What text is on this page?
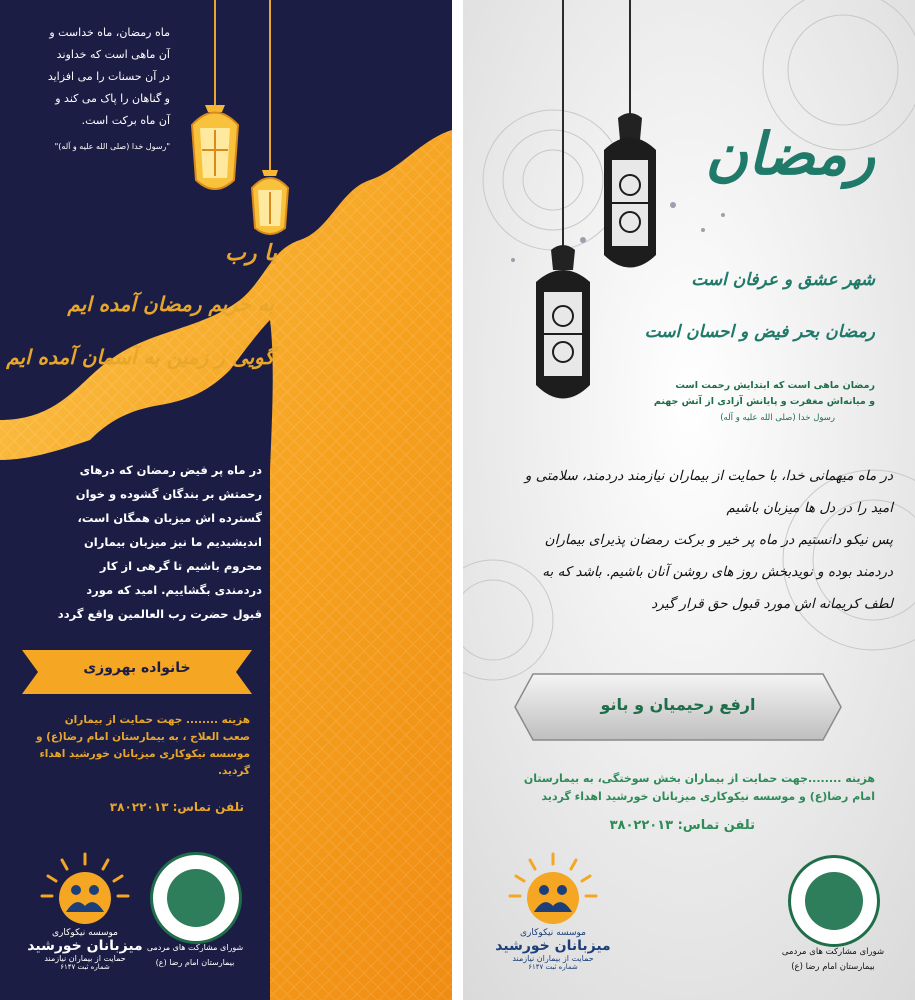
ماه رمضان، ماه خداست و
آن ماهی است که خداوند
در آن حسنات را می افزاید
و گناهان را پاک می کند و
آن ماه برکت است.
"رسول خدا (صلی الله علیه و آله)"
یا رب
به حریم رمضان آمده ایم
گویی ز زمین به آسمان آمده ایم
در ماه پر فیض رمضان که درهای
رحمتش بر بندگان گشوده و خوان
گسترده اش میزبان همگان است،
اندیشیدیم ما نیز میزبان بیماران
محروم باشیم تا گرهی از کار
دردمندی بگشاییم. امید که مورد
قبول حضرت رب العالمین واقع گردد
خانواده بهروزی
هزینه ........ جهت حمایت از بیماران
صعب العلاج ، به بیمارستان امام رضا(ع) و
موسسه نیکوکاری میزبانان خورشید اهداء
گردید.
تلفن تماس: ۳۸۰۲۲۰۱۳
شورای مشارکت های مردمی
بیمارستان امام رضا (ع)
موسسه نیکوکاری
میزبانان خورشید
حمایت از بیماران نیازمند
شماره ثبت ۶۱۴۷
رمضان
شهر عشق و عرفان است
رمضان بحر فیض و احسان است
رمضان ماهی است که ابتدایش رحمت است
و میانه‌اش مغفرت و پایانش آزادی از آتش جهنم
رسول خدا (صلی الله علیه و آله)
در ماه میهمانی خدا، با حمایت از بیماران نیازمند دردمند، سلامتی و
امید را در دل ها میزبان باشیم
پس نیکو دانستیم در ماه پر خیر و برکت رمضان پذیرای بیماران
دردمند بوده و نویدبخش روز های روشن آنان باشیم. باشد که به
لطف کریمانه اش مورد قبول حق قرار گیرد
ارفع رحیمیان و بانو
هزینه ........جهت حمایت از بیماران بخش سوختگی، به بیمارستان
امام رضا(ع) و موسسه نیکوکاری میزبانان خورشید اهداء گردید
تلفن تماس: ۳۸۰۲۲۰۱۳
موسسه نیکوکاری
میزبانان خورشید
حمایت از بیماران نیازمند
شماره ثبت ۶۱۴۷
شورای مشارکت های مردمی
بیمارستان امام رضا (ع)
